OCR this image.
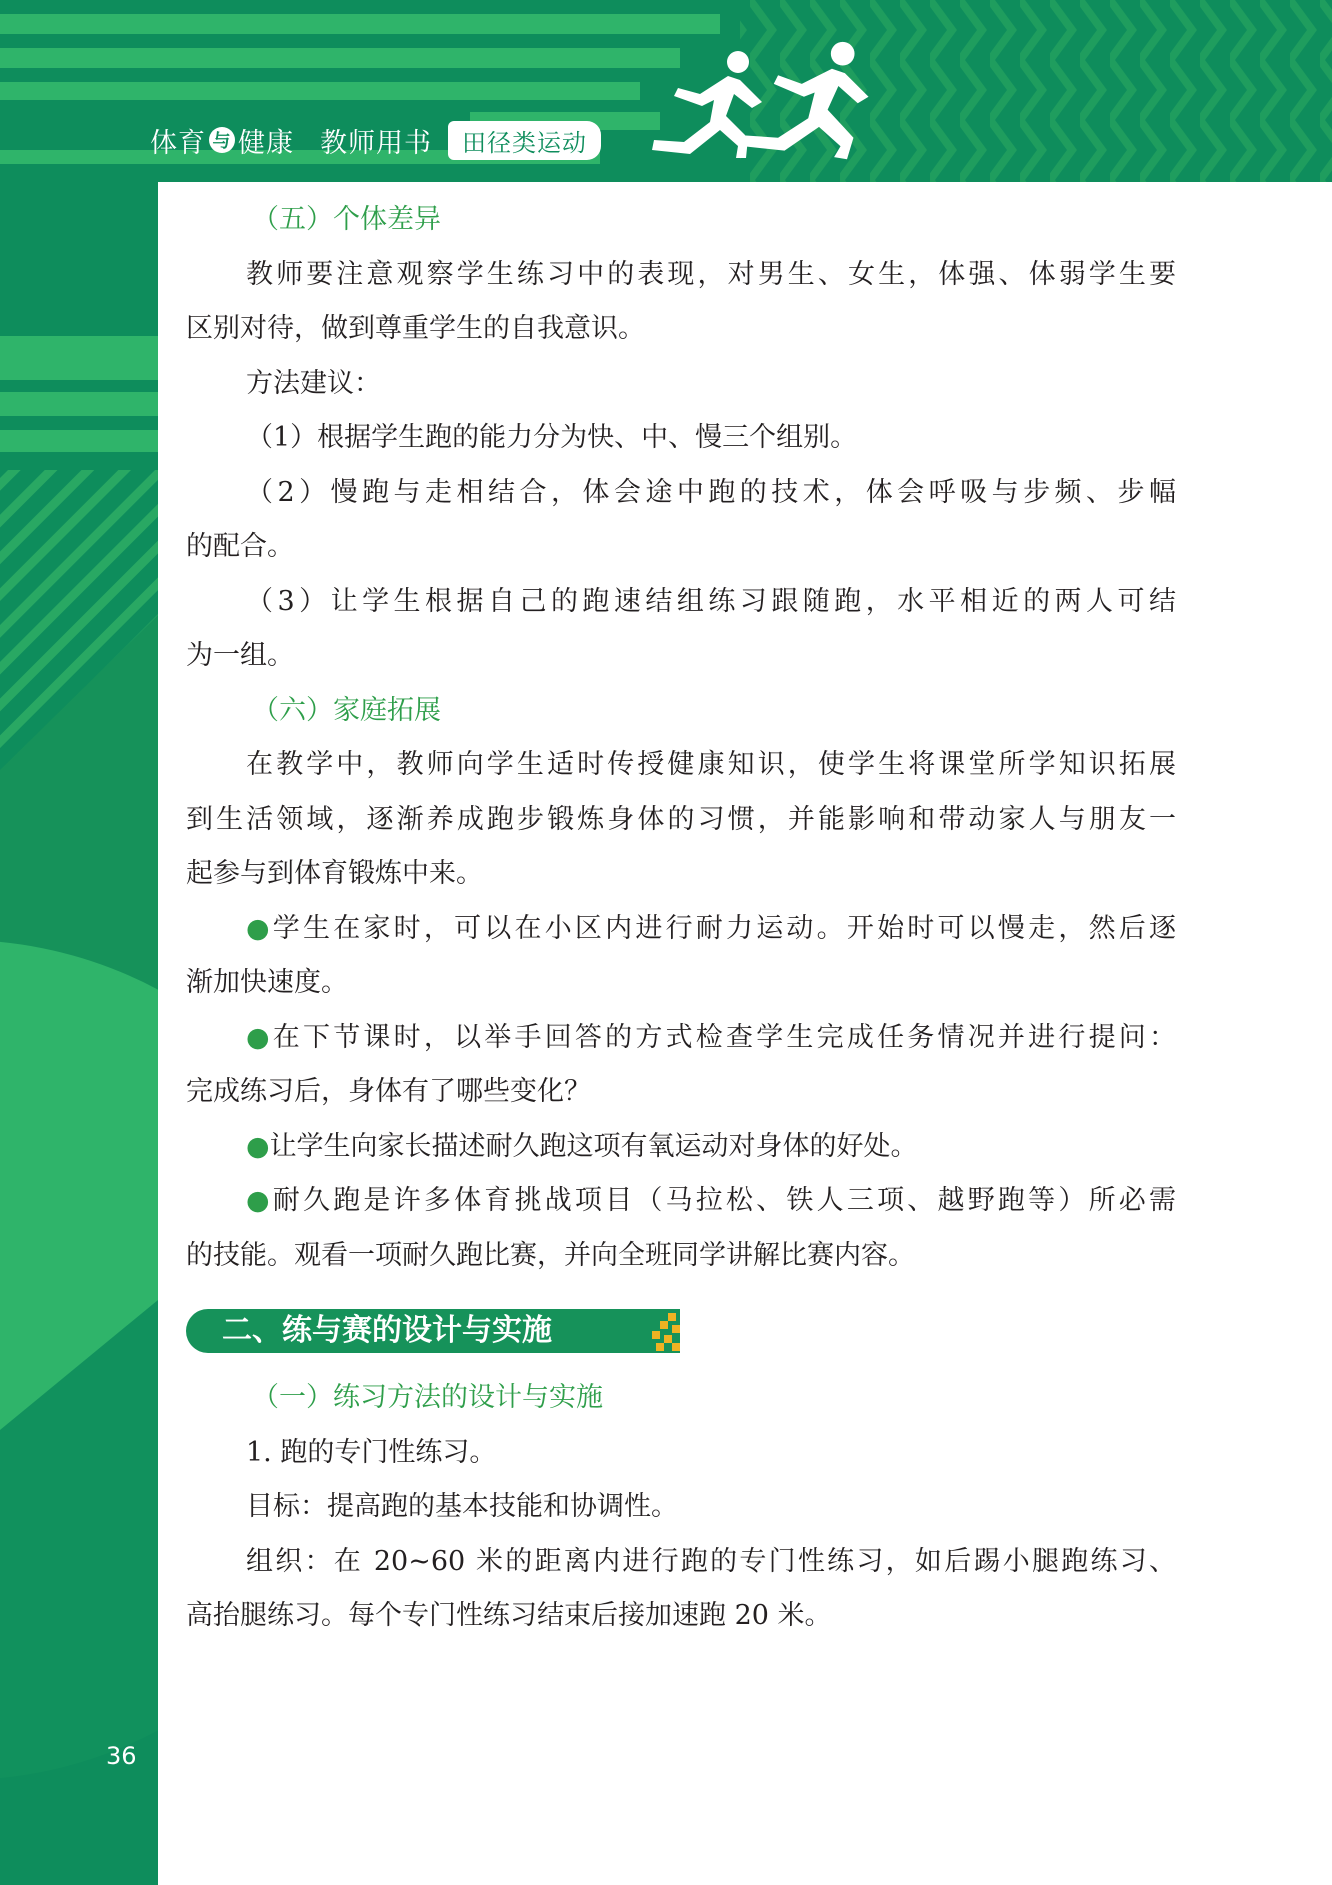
体育 与 健康 教师用书	田径类运动
（五）个体差异
教师要注意观察学生练习中的表现，对男生、女生，体强、体弱学生要
区别对待，做到尊重学生的自我意识。
方法建议：
（1）根据学生跑的能力分为快、中、慢三个组别。
（2）慢跑与走相结合，体会途中跑的技术，体会呼吸与步频、步幅
的配合。
（3）让学生根据自己的跑速结组练习跟随跑，水平相近的两人可结
为一组。
（六）家庭拓展
在教学中，教师向学生适时传授健康知识，使学生将课堂所学知识拓展
到生活领域，逐渐养成跑步锻炼身体的习惯，并能影响和带动家人与朋友一
起参与到体育锻炼中来。
●学生在家时，可以在小区内进行耐力运动。开始时可以慢走，然后逐
渐加快速度。
●在下节课时，以举手回答的方式检查学生完成任务情况并进行提问：
完成练习后，身体有了哪些变化？
●让学生向家长描述耐久跑这项有氧运动对身体的好处。
●耐久跑是许多体育挑战项目（马拉松、铁人三项、越野跑等）所必需
的技能。观看一项耐久跑比赛，并向全班同学讲解比赛内容。
二、练与赛的设计与实施
（一）练习方法的设计与实施
1. 跑的专门性练习。
目标：提高跑的基本技能和协调性。
组织：在 20~60 米的距离内进行跑的专门性练习，如后踢小腿跑练习、
高抬腿练习。每个专门性练习结束后接加速跑 20 米。
36
